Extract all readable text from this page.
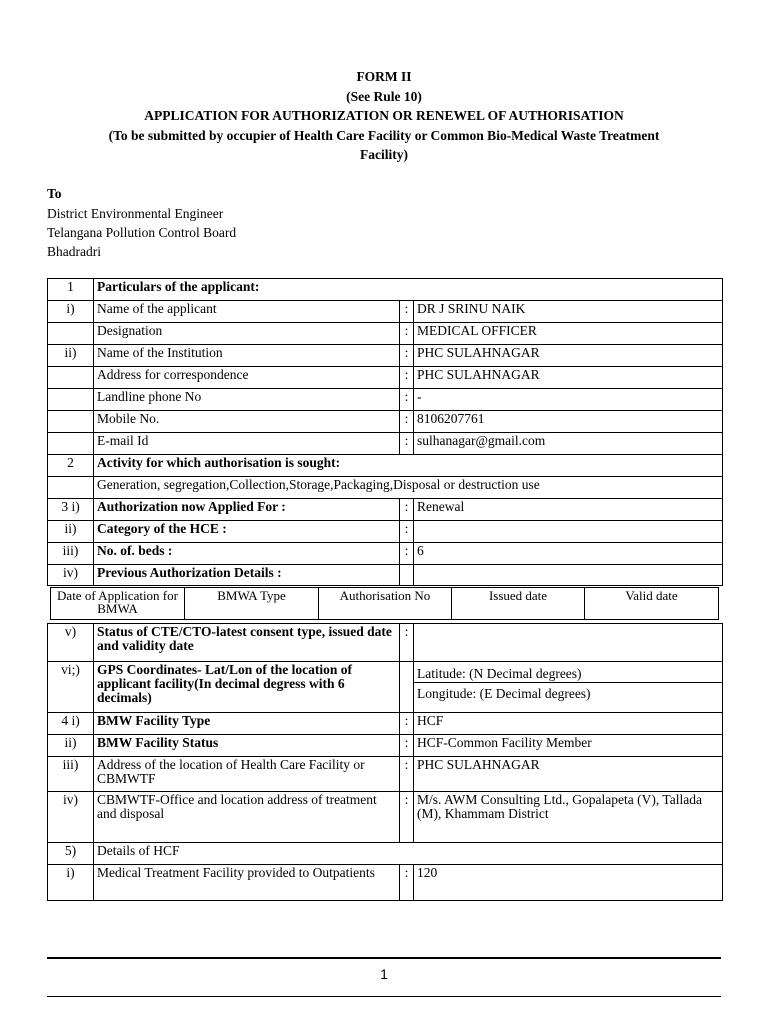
FORM II
(See Rule 10)
APPLICATION FOR AUTHORIZATION OR RENEWEL OF AUTHORISATION
(To be submitted by occupier of Health Care Facility or Common Bio-Medical Waste Treatment
Facility)
To
District Environmental Engineer
Telangana Pollution Control Board
Bhadradri
1	Particulars of the applicant:		
i)	Name of the applicant	:	DR J SRINU NAIK
	Designation	:	MEDICAL OFFICER
ii)	Name of the Institution	:	PHC SULAHNAGAR
	Address for correspondence	:	PHC SULAHNAGAR
	Landline phone No	:	-
	Mobile No.	:	8106207761
	E-mail Id	:	sulhanagar@gmail.com
2	Activity for which authorisation is sought:		
	Generation, segregation,Collection,Storage,Packaging,Disposal or destruction use		
3 i)	Authorization now Applied For :	:	Renewal
ii)	Category of the HCE :	:	
iii)	No. of. beds :	:	6
iv)	Previous Authorization Details :		
Date of Application for BMWA	BMWA Type	Authorisation No	Issued date	Valid date
v)	Status of CTE/CTO-latest consent type, issued date and validity date	:	
vi;)	GPS Coordinates- Lat/Lon of the location of applicant facility(In decimal degress with 6 decimals)		Latitude: (N Decimal degrees)
			Longitude: (E Decimal degrees)
4 i)	BMW Facility Type	:	HCF
ii)	BMW Facility Status	:	HCF-Common Facility Member
iii)	Address of the location of Health Care Facility or CBMWTF	:	PHC SULAHNAGAR
iv)	CBMWTF-Office and location address of treatment and disposal	:	M/s. AWM Consulting Ltd., Gopalapeta (V), Tallada (M), Khammam District
5)	Details of HCF		
i)	Medical Treatment Facility provided to Outpatients	:	120
1
